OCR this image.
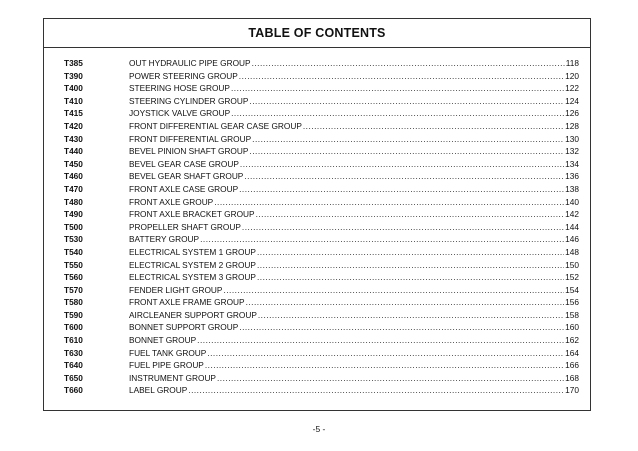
TABLE OF CONTENTS
T385	OUT HYDRAULIC PIPE GROUP .....	118
T390	POWER STEERING GROUP .....	120
T400	STEERING HOSE GROUP .....	122
T410	STEERING CYLINDER GROUP .....	124
T415	JOYSTICK VALVE GROUP .....	126
T420	FRONT DIFFERENTIAL GEAR CASE GROUP .....	128
T430	FRONT DIFFERENTIAL GROUP .....	130
T440	BEVEL PINION SHAFT GROUP .....	132
T450	BEVEL GEAR CASE GROUP .....	134
T460	BEVEL GEAR SHAFT GROUP .....	136
T470	FRONT AXLE CASE GROUP .....	138
T480	FRONT AXLE GROUP .....	140
T490	FRONT AXLE BRACKET GROUP .....	142
T500	PROPELLER SHAFT GROUP .....	144
T530	BATTERY GROUP .....	146
T540	ELECTRICAL SYSTEM 1 GROUP .....	148
T550	ELECTRICAL SYSTEM 2 GROUP .....	150
T560	ELECTRICAL SYSTEM 3 GROUP .....	152
T570	FENDER LIGHT GROUP .....	154
T580	FRONT AXLE FRAME GROUP .....	156
T590	AIRCLEANER SUPPORT GROUP .....	158
T600	BONNET SUPPORT GROUP .....	160
T610	BONNET GROUP .....	162
T630	FUEL TANK GROUP .....	164
T640	FUEL PIPE GROUP .....	166
T650	INSTRUMENT GROUP .....	168
T660	LABEL GROUP .....	170
-5 -
